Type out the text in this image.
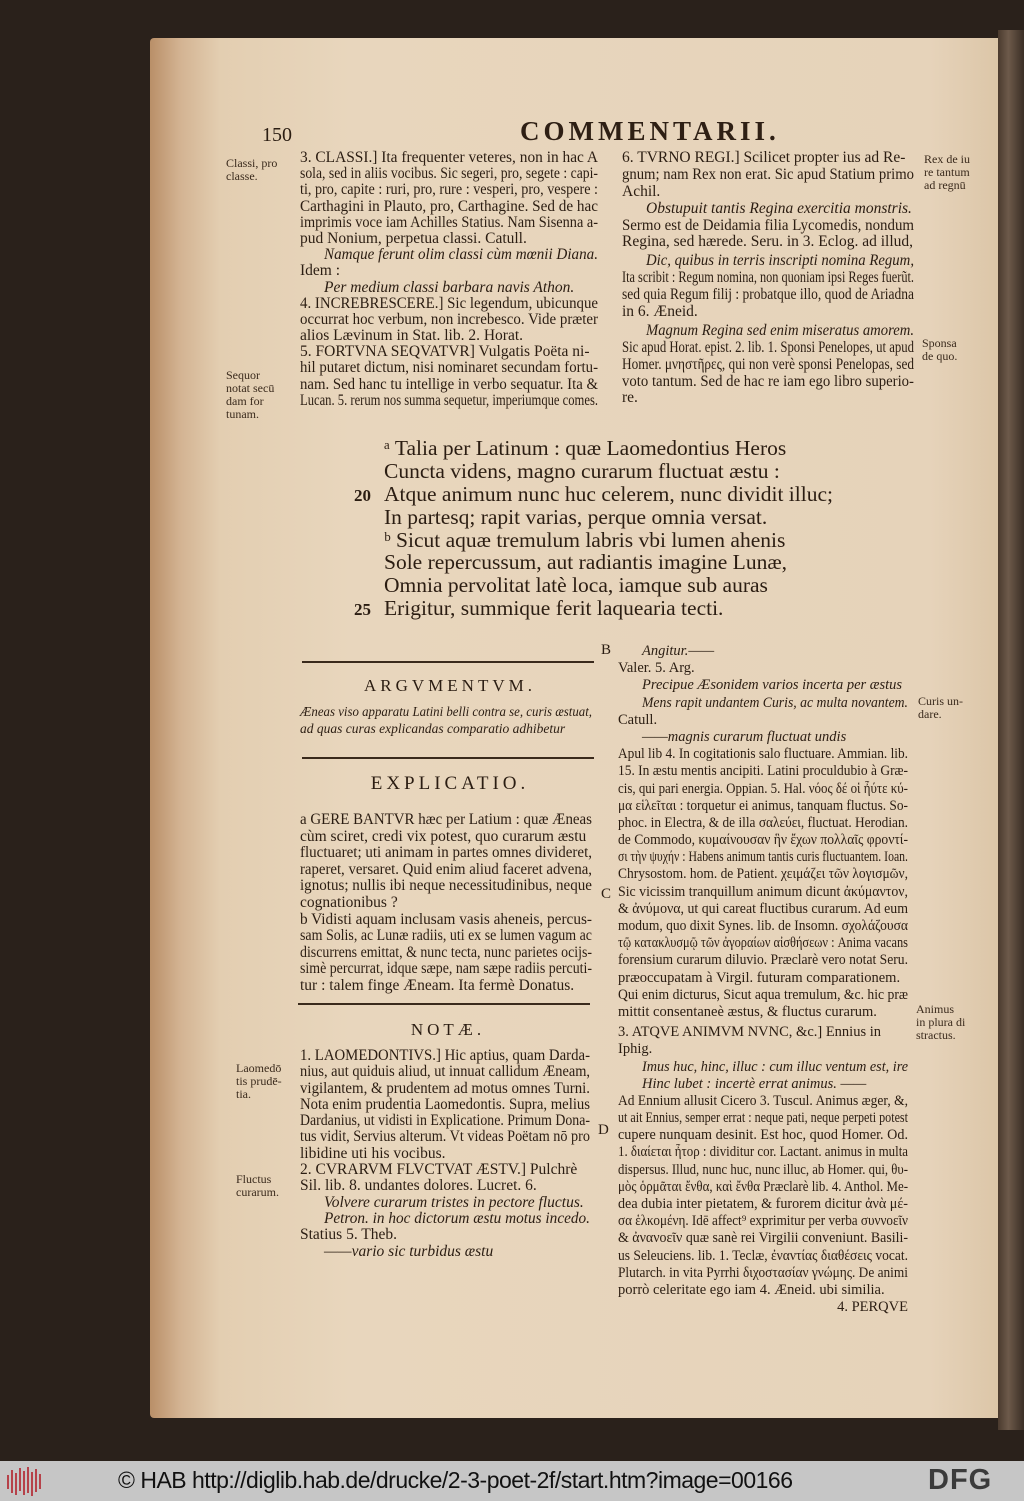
150	COMMENTARII.
3. CLASSI.] Ita frequenter veteres, non in hac A
sola, sed in aliis vocibus. Sic segeri, pro, segete : capi-
ti, pro, capite : ruri, pro, rure : vesperi, pro, vespere :
Carthagini in Plauto, pro, Carthagine. Sed de hac
imprimis voce iam Achilles Statius. Nam Sisenna a-
pud Nonium, perpetua classi. Catull.
Namque ferunt olim classi cùm mœnii Diana.
Idem :
Per medium classi barbara navis Athon.
4. INCREBRESCERE.] Sic legendum, ubicunque
occurrat hoc verbum, non increbesco. Vide præter
alios Lævinum in Stat. lib. 2. Horat.
5. FORTVNA SEQVATVR] Vulgatis Poëta ni-
hil putaret dictum, nisi nominaret secundam fortu-
nam. Sed hanc tu intellige in verbo sequatur. Ita &
Lucan. 5. rerum nos summa sequetur, imperiumque comes.
6. TVRNO REGI.] Scilicet propter ius ad Re-
gnum; nam Rex non erat. Sic apud Statium primo
Achil.
Obstupuit tantis Regina exercitia monstris.
Sermo est de Deidamia filia Lycomedis, nondum
Regina, sed hærede. Seru. in 3. Eclog. ad illud,
Dic, quibus in terris inscripti nomina Regum,
Ita scribit : Regum nomina, non quoniam ipsi Reges fuerũt.
sed quia Regum filij : probatque illo, quod de Ariadna
in 6. Æneid.
Magnum Regina sed enim miseratus amorem.
Sic apud Horat. epist. 2. lib. 1. Sponsi Penelopes, ut apud
Homer. μνηστῆρες, qui non verè sponsi Penelopas, sed
voto tantum. Sed de hac re iam ego libro superio-
re.
ᵃ Talia per Latinum : quæ Laomedontius Heros
Cuncta videns, magno curarum fluctuat æstu :
Atque animum nunc huc celerem, nunc dividit illuc;
In partesq; rapit varias, perque omnia versat.
ᵇ Sicut aquæ tremulum labris vbi lumen ahenis
Sole repercussum, aut radiantis imagine Lunæ,
Omnia pervolitat latè loca, iamque sub auras
Erigitur, summique ferit laquearia tecti.
20
25
ARGVMENTVM.
Æneas viso apparatu Latini belli contra se, curis æstuat,
ad quas curas explicandas comparatio adhibetur
EXPLICATIO.
a GERE BANTVR hæc per Latium : quæ Æneas
cùm sciret, credi vix potest, quo curarum æstu
fluctuaret; uti animam in partes omnes divideret,
raperet, versaret. Quid enim aliud faceret advena,
ignotus; nullis ibi neque necessitudinibus, neque
cognationibus ?
b Vidisti aquam inclusam vasis aheneis, percus-
sam Solis, ac Lunæ radiis, uti ex se lumen vagum ac
discurrens emittat, & nunc tecta, nunc parietes ocijs-
simè percurrat, idque sæpe, nam sæpe radiis percuti-
tur : talem finge Æneam. Ita fermè Donatus.
NOTÆ.
1. LAOMEDONTIVS.] Hic aptius, quam Darda-
nius, aut quiduis aliud, ut innuat callidum Æneam,
vigilantem, & prudentem ad motus omnes Turni.
Nota enim prudentia Laomedontis. Supra, melius
Dardanius, ut vidisti in Explicatione. Primum Dona-
tus vidit, Servius alterum. Vt videas Poëtam nō pro
libidine uti his vocibus.
2. CVRARVM FLVCTVAT ÆSTV.] Pulchrè
Sil. lib. 8. undantes dolores. Lucret. 6.
Volvere curarum tristes in pectore fluctus.
Petron. in hoc dictorum æstu motus incedo.
Statius 5. Theb.
——vario sic turbidus æstu
Angitur.——
Valer. 5. Arg.
Precipue Æsonidem varios incerta per æstus
Mens rapit undantem Curis, ac multa novantem.
Catull.
——magnis curarum fluctuat undis
Apul lib 4. In cogitationis salo fluctuare. Ammian. lib.
15. In æstu mentis ancipiti. Latini proculdubio à Græ-
cis, qui pari energia. Oppian. 5. Hal. νόος δέ οἱ ἦύτε κύ-
μα εἱλεῖται : torquetur ei animus, tanquam fluctus. So-
phoc. in Electra, & de illa σαλεύει, fluctuat. Herodian.
de Commodo, κυμαίνουσαν ἣν ἔχων πολλαῖς φροντί-
σι τὴν ψυχήν : Habens animum tantis curis fluctuantem. Ioan.
Chrysostom. hom. de Patient. χειμάζει τῶν λογισμῶν,
Sic vicissim tranquillum animum dicunt ἀκύμαντον,
& ἀνύμονα, ut qui careat fluctibus curarum. Ad eum
modum, quo dixit Synes. lib. de Insomn. σχολάζουσα
τῷ κατακλυσμῷ τῶν ἀγοραίων αἰσθήσεων : Anima vacans
forensium curarum diluvio. Præclarè vero notat Seru.
præoccupatam à Virgil. futuram comparationem.
Qui enim dicturus, Sicut aqua tremulum, &c. hic præ
mittit consentaneè æstus, & fluctus curarum.
3. ATQVE ANIMVM NVNC, &c.] Ennius in
Iphig.
Imus huc, hinc, illuc : cum illuc ventum est, ire
Hinc lubet : incertè errat animus. ——
Ad Ennium allusit Cicero 3. Tuscul. Animus æger, &,
ut ait Ennius, semper errat : neque pati, neque perpeti potest
cupere nunquam desinit. Est hoc, quod Homer. Od.
1. διαίεται ἦτορ : dividitur cor. Lactant. animus in multa
dispersus. Illud, nunc huc, nunc illuc, ab Homer. qui, θυ-
μὸς ὁρμᾶται ἔνθα, καὶ ἔνθα Præclarè lib. 4. Anthol. Me-
dea dubia inter pietatem, & furorem dicitur ἀνὰ μέ-
σα ἑλκομένη. Idē affect⁹ exprimitur per verba συννοεῖν
& ἀνανοεῖν quæ sanè rei Virgilii conveniunt. Basili-
us Seleuciens. lib. 1. Teclæ, ἐναντίας διαθέσεις vocat.
Plutarch. in vita Pyrrhi διχοστασίαν γνώμης. De animi
porrò celeritate ego iam 4. Æneid. ubi similia.
4. PERQVE
Classi, pro
classe.
Sequor
notat secū
dam for
tunam.
Rex de iu
re tantum
ad regnū
Sponsa
de quo.
Curis un-
dare.
Animus
in plura di
stractus.
Laomedō
tis prudē-
tia.
Fluctus
curarum.
B
C
D
© HAB http://diglib.hab.de/drucke/2-3-poet-2f/start.htm?image=00166	DFG
